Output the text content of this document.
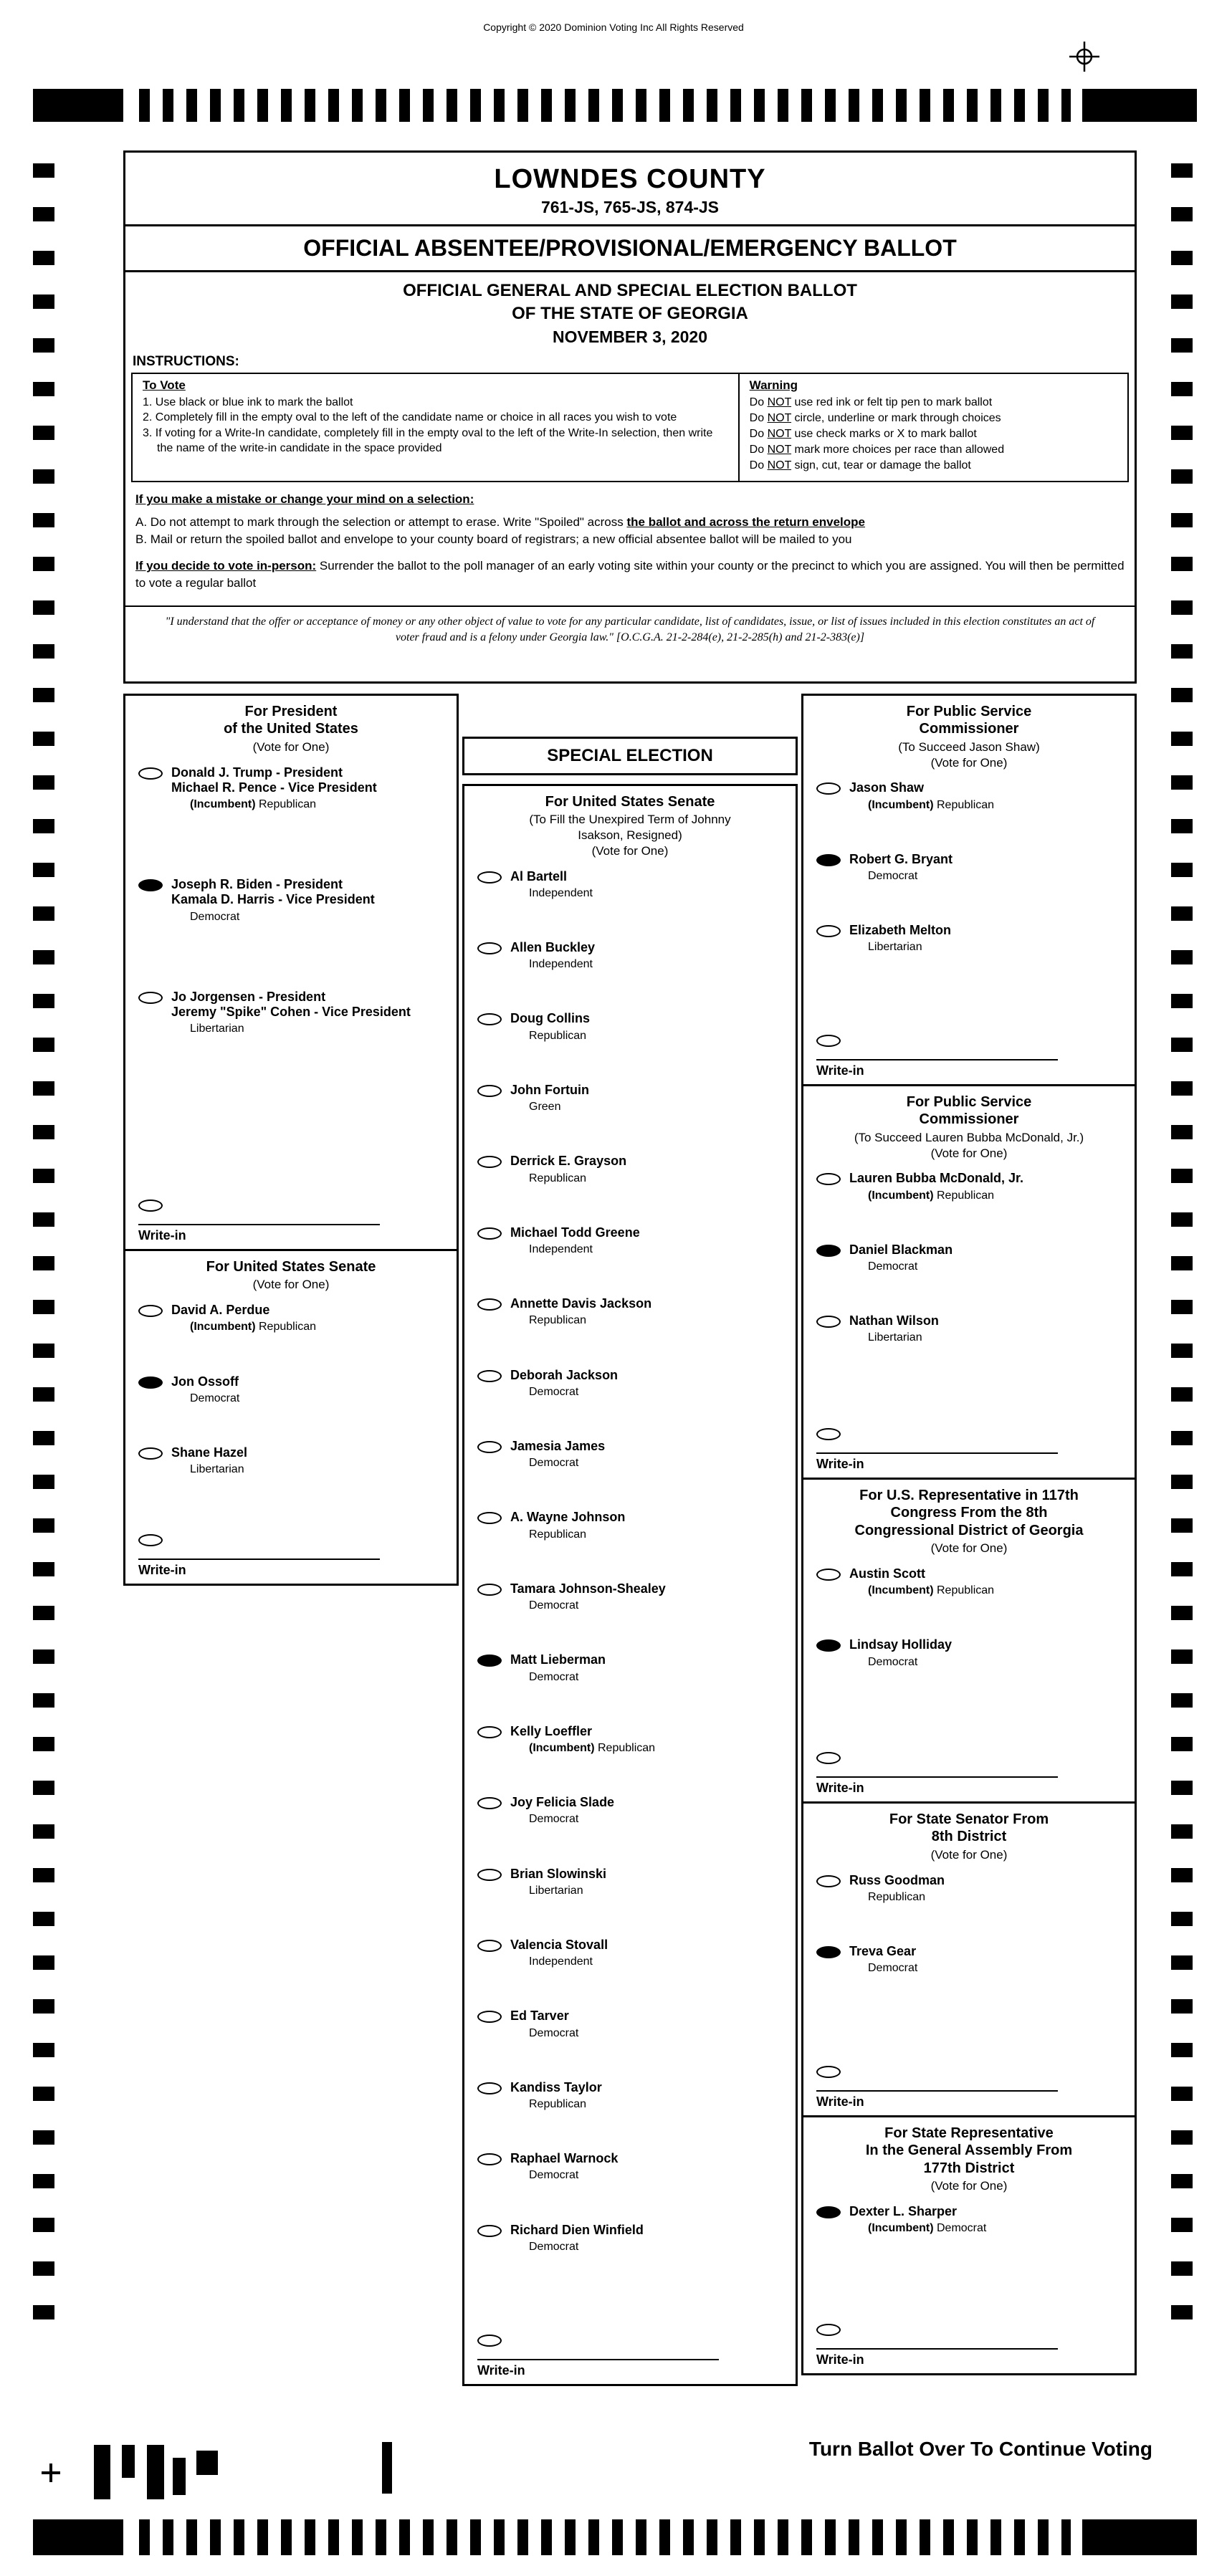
Copyright © 2020 Dominion Voting Inc All Rights Reserved
LOWNDES COUNTY
761-JS, 765-JS, 874-JS
OFFICIAL ABSENTEE/PROVISIONAL/EMERGENCY BALLOT
OFFICIAL GENERAL AND SPECIAL ELECTION BALLOT
OF THE STATE OF GEORGIA
NOVEMBER 3, 2020
INSTRUCTIONS:
To Vote
1. Use black or blue ink to mark the ballot
2. Completely fill in the empty oval to the left of the candidate name or choice in all races you wish to vote
3. If voting for a Write-In candidate, completely fill in the empty oval to the left of the Write-In selection, then write the name of the write-in candidate in the space provided
Warning
Do NOT use red ink or felt tip pen to mark ballot
Do NOT circle, underline or mark through choices
Do NOT use check marks or X to mark ballot
Do NOT mark more choices per race than allowed
Do NOT sign, cut, tear or damage the ballot
If you make a mistake or change your mind on a selection:
A. Do not attempt to mark through the selection or attempt to erase. Write "Spoiled" across the ballot and across the return envelope
B. Mail or return the spoiled ballot and envelope to your county board of registrars; a new official absentee ballot will be mailed to you
If you decide to vote in-person: Surrender the ballot to the poll manager of an early voting site within your county or the precinct to which you are assigned. You will then be permitted to vote a regular ballot
"I understand that the offer or acceptance of money or any other object of value to vote for any particular candidate, list of candidates, issue, or list of issues included in this election constitutes an act of voter fraud and is a felony under Georgia law." [O.C.G.A. 21-2-284(e), 21-2-285(h) and 21-2-383(e)]
For President
of the United States
(Vote for One)
Donald J. Trump - President
Michael R. Pence - Vice President
(Incumbent) Republican
Joseph R. Biden - President
Kamala D. Harris - Vice President
Democrat
Jo Jorgensen - President
Jeremy "Spike" Cohen - Vice President
Libertarian
Write-in
For United States Senate
(Vote for One)
David A. Perdue
(Incumbent) Republican
Jon Ossoff
Democrat
Shane Hazel
Libertarian
Write-in
SPECIAL ELECTION
For United States Senate
(To Fill the Unexpired Term of Johnny
Isakson, Resigned)
(Vote for One)
Al Bartell
Independent
Allen Buckley
Independent
Doug Collins
Republican
John Fortuin
Green
Derrick E. Grayson
Republican
Michael Todd Greene
Independent
Annette Davis Jackson
Republican
Deborah Jackson
Democrat
Jamesia James
Democrat
A. Wayne Johnson
Republican
Tamara Johnson-Shealey
Democrat
Matt Lieberman
Democrat
Kelly Loeffler
(Incumbent) Republican
Joy Felicia Slade
Democrat
Brian Slowinski
Libertarian
Valencia Stovall
Independent
Ed Tarver
Democrat
Kandiss Taylor
Republican
Raphael Warnock
Democrat
Richard Dien Winfield
Democrat
Write-in
For Public Service
Commissioner
(To Succeed Jason Shaw)
(Vote for One)
Jason Shaw
(Incumbent) Republican
Robert G. Bryant
Democrat
Elizabeth Melton
Libertarian
Write-in
For Public Service
Commissioner
(To Succeed Lauren Bubba McDonald, Jr.)
(Vote for One)
Lauren Bubba McDonald, Jr.
(Incumbent) Republican
Daniel Blackman
Democrat
Nathan Wilson
Libertarian
Write-in
For U.S. Representative in 117th
Congress From the 8th
Congressional District of Georgia
(Vote for One)
Austin Scott
(Incumbent) Republican
Lindsay Holliday
Democrat
Write-in
For State Senator From
8th District
(Vote for One)
Russ Goodman
Republican
Treva Gear
Democrat
Write-in
For State Representative
In the General Assembly From
177th District
(Vote for One)
Dexter L. Sharper
(Incumbent) Democrat
Write-in
Turn Ballot Over To Continue Voting
